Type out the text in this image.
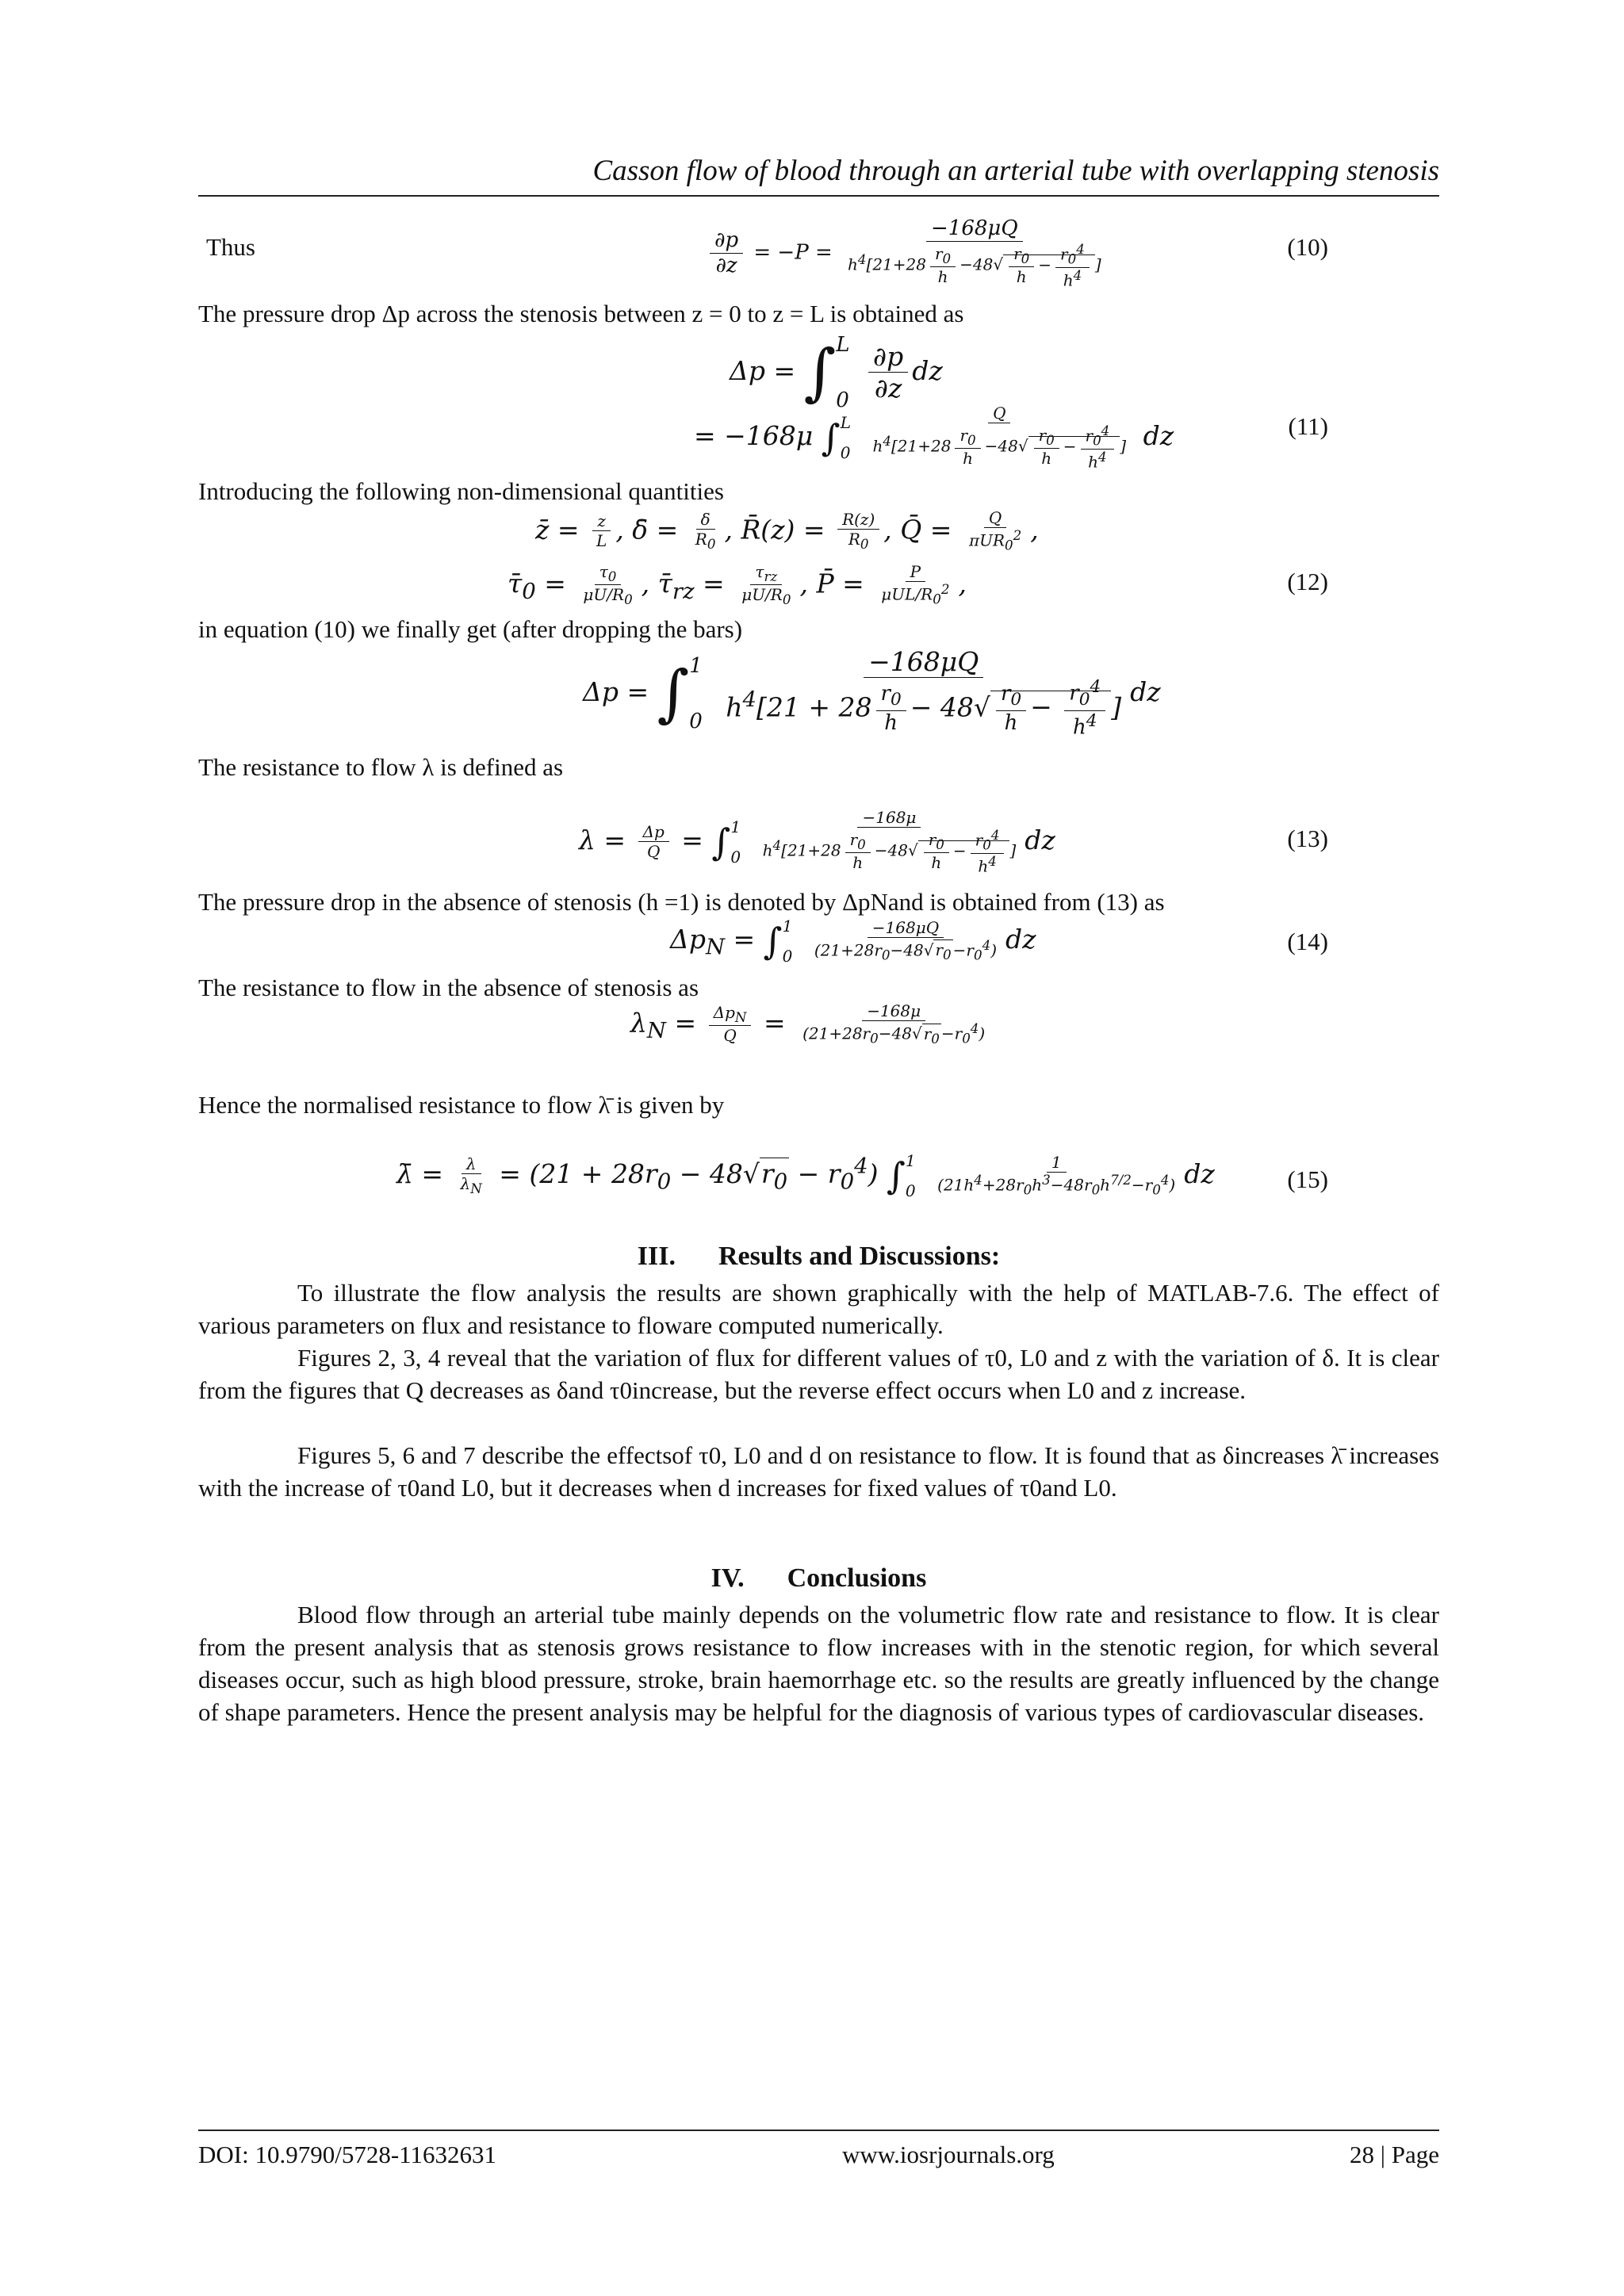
Casson flow of blood through an arterial tube with overlapping stenosis
Thus	$\frac{\partial p}{\partial z} = -P = \frac{-168\mu Q}{h^4[21+28 \frac{r_0}{h} -48√ \frac{r_0}{h} - \frac{r_0^4}{h^4} ]}$	(10)
The pressure drop Δp across the stenosis between z = 0 to z = L is obtained as
Δp = ∫ L
0
$\frac{\partial p}{\partial z}$ dz
= −168μ ∫ L
0
$\frac{Q}{h^4[21+28 \frac{r_0}{h} -48√ \frac{r_0}{h} - \frac{r_0^4}{h^4} ]}$ dz	(11)
Introducing the following non-dimensional quantities
z̄ = $\frac{z}{L}$ , δ̄ = $\frac{\delta}{R_0}$ , R̄(z) = $\frac{R(z)}{R_0}$ , Q̄ = $\frac{Q}{\pi UR_0^2}$ ,
$\taū_0 = \frac{\tau_0}{\mu U/R_0}$ , $\taū_{rz} = \frac{\tau_{rz}}{\mu U/R_0}$ , P̄ = $\frac{P}{\mu UL/R_0^2}$ ,	(12)
in equation (10) we finally get (after dropping the bars)
Δp = ∫ 1
0
$\frac{-168\mu Q}{h^4[21 + 28 \frac{r_0}{h} - 48√ \frac{r_0}{h} - \frac{r_0^4}{h^4} ]}$ dz
The resistance to flow λ is defined as
$\lambda = \frac{\Delta p}{Q}$ = ∫ 1
0
$\frac{-168\mu}{h^4[21+28 \frac{r_0}{h} -48√ \frac{r_0}{h} - \frac{r_0^4}{h^4} ]}$ dz	(13)
The pressure drop in the absence of stenosis (h =1) is denoted by ΔpNand is obtained from (13) as
$\Delta p_N$ = ∫ 1
0
$\frac{-168\mu Q}{(21+28r_0-48√ r_0 -r_0^4)}$ dz	(14)
The resistance to flow in the absence of stenosis as
$\lambda_N = \frac{\Delta p_N}{Q} = \frac{-168\mu}{(21+28r_0-48√ r_0 -r_0^4)}$
Hence the normalised resistance to flow λ̄ is given by
λ̄ = $\frac{\lambda}{\lambda_N} = (21 + 28r_0 - 48√r_0 - r_0^4)$ ∫ 1
0
$\frac{1}{(21h^4+28r_0h^3-48r_0h^{7/2}-r_0^4)}$ dz	(15)
III. Results and Discussions:
To illustrate the flow analysis the results are shown graphically with the help of MATLAB-7.6. The effect of various parameters on flux and resistance to floware computed numerically.
Figures 2, 3, 4 reveal that the variation of flux for different values of τ0, L0 and z with the variation of δ. It is clear from the figures that Q decreases as δand τ0increase, but the reverse effect occurs when L0 and z increase.
Figures 5, 6 and 7 describe the effectsof τ0, L0 and d on resistance to flow. It is found that as δincreases λ̄ increases with the increase of τ0and L0, but it decreases when d increases for fixed values of τ0and L0.
IV. Conclusions
Blood flow through an arterial tube mainly depends on the volumetric flow rate and resistance to flow. It is clear from the present analysis that as stenosis grows resistance to flow increases with in the stenotic region, for which several diseases occur, such as high blood pressure, stroke, brain haemorrhage etc. so the results are greatly influenced by the change of shape parameters. Hence the present analysis may be helpful for the diagnosis of various types of cardiovascular diseases.
DOI: 10.9790/5728-11632631	www.iosrjournals.org	28 | Page
